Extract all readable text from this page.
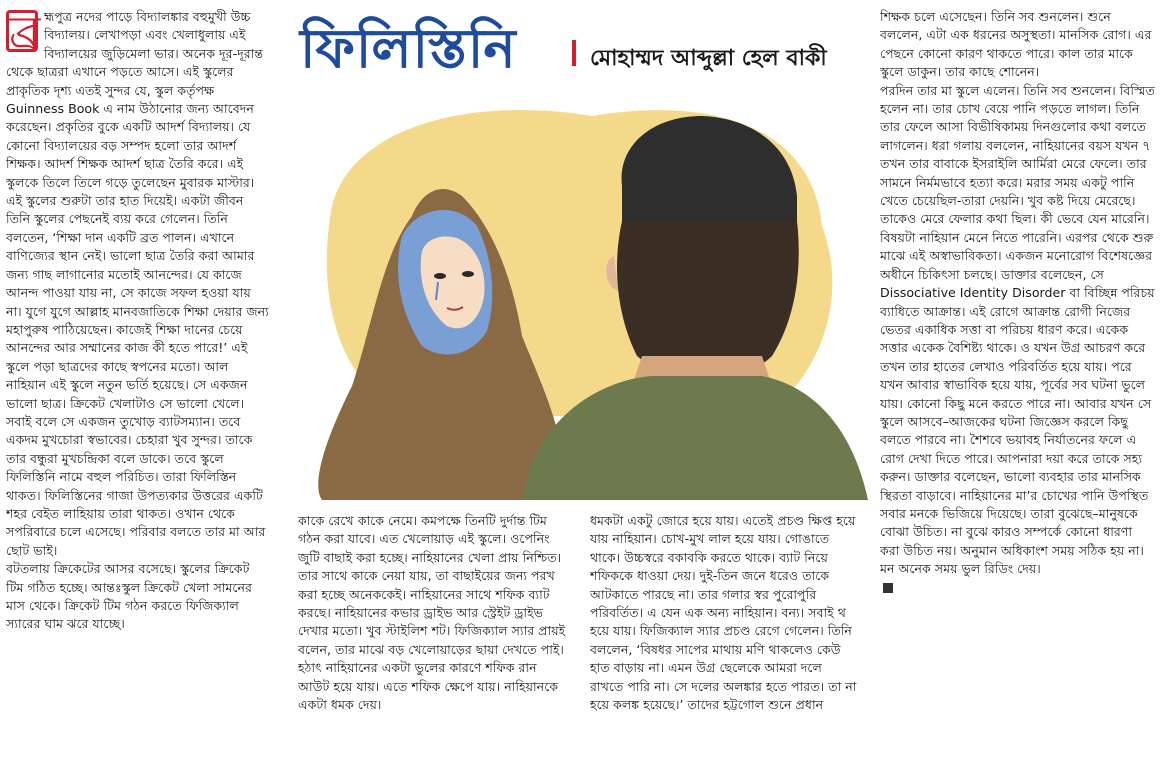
ব্র হ্মপুত্র নদের পাড়ে বিদ্যালঙ্কার বহুমুখী উচ্চ বিদ্যালয়। লেখাপড়া এবং খেলাধুলায় এই বিদ্যালয়ের জুড়িমেলা ভার। অনেক দূর-দূরান্ত থেকে ছাত্ররা এখানে পড়তে আসে। এই স্কুলের প্রাকৃতিক দৃশ্য এতই সুন্দর যে, স্কুল কর্তৃপক্ষ Guinness Book এ নাম উঠানোর জন্য আবেদন করেছেন। প্রকৃতির বুকে একটি আদর্শ বিদ্যালয়। যে কোনো বিদ্যালয়ের বড় সম্পদ হলো তার আদর্শ শিক্ষক। আদর্শ শিক্ষক আদর্শ ছাত্র তৈরি করে। এই স্কুলকে তিলে তিলে গড়ে তুলেছেন মুবারক মাস্টার। এই স্কুলের শুরুটা তার হাত দিয়েই। একটা জীবন তিনি স্কুলের পেছনেই ব্যয় করে গেলেন। তিনি বলতেন, ‘শিক্ষা দান একটি ব্রত পালন। এখানে বাণিজ্যের স্থান নেই। ভালো ছাত্র তৈরি করা আমার জন্য গাছ লাগানোর মতোই আনন্দের। যে কাজে আনন্দ পাওয়া যায় না, সে কাজে সফল হওয়া যায় না। যুগে যুগে আল্লাহ মানবজাতিকে শিক্ষা দেয়ার জন্য মহাপুরুষ পাঠিয়েছেন। কাজেই শিক্ষা দানের চেয়ে আনন্দের আর সম্মানের কাজ কী হতে পারে!’ এই স্কুলে পড়া ছাত্রদের কাছে স্বপনের মতো। আল নাহিয়ান এই স্কুলে নতুন ভর্তি হয়েছে। সে একজন ভালো ছাত্র। ক্রিকেট খেলাটাও সে ভালো খেলে। সবাই বলে সে একজন তুখোড় ব্যাটসম্যান। তবে একদম মুখচোরা স্বভাবের। চেহারা খুব সুন্দর। তাকে তার বন্ধুরা মুখচন্দ্রিকা বলে ডাকে। তবে স্কুলে ফিলিস্তিনি নামে বহুল পরিচিত। তারা ফিলিস্তিন থাকত। ফিলিস্তিনের গাজা উপত্যকার উত্তরের একটি শহর বেইত লাহিয়ায় তারা থাকত। ওখান থেকে সপরিবারে চলে এসেছে। পরিবার বলতে তার মা আর ছোট ভাই।

বটতলায় ক্রিকেটের আসর বসেছে। স্কুলের ক্রিকেট টিম গঠিত হচ্ছে। আন্তঃস্কুল ক্রিকেট খেলা সামনের মাস থেকে। ক্রিকেট টিম গঠন করতে ফিজিক্যাল স্যারের ঘাম ঝরে যাচ্ছে।

ফিলিস্তিনি	মোহাম্মদ আব্দুল্লা হেল বাকী

কাকে রেখে কাকে নেমে। কমপক্ষে তিনটি দুর্দান্ত টিম গঠন করা যাবে। এত খেলোয়াড় এই স্কুলে। ওপেনিং জুটি বাছাই করা হচ্ছে। নাহিয়ানের খেলা প্রায় নিশ্চিত। তার সাথে কাকে নেয়া যায়, তা বাছাইয়ের জন্য পরখ করা হচ্ছে অনেককেই। নাহিয়ানের সাথে শফিক ব্যাট করছে। নাহিয়ানের কভার ড্রাইভ আর স্ট্রেইট ড্রাইভ দেখার মতো। খুব স্টাইলিশ শট। ফিজিক্যাল স্যার প্রায়ই বলেন, তার মাঝে বড় খেলোয়াড়ের ছায়া দেখতে পাই। হঠাৎ নাহিয়ানের একটা ভুলের কারণে শফিক রান আউট হয়ে যায়। এতে শফিক ক্ষেপে যায়। নাহিয়ানকে একটা ধমক দেয়।

ধমকটা একটু জোরে হয়ে যায়। এতেই প্রচণ্ড ক্ষিপ্ত হয়ে যায় নাহিয়ান। চোখ-মুখ লাল হয়ে যায়। গোঙাতে থাকে। উচ্চস্বরে বকাবকি করতে থাকে। ব্যাট নিয়ে শফিককে ধাওয়া দেয়। দুই-তিন জনে ধরেও তাকে আটকাতে পারছে না। তার গলার স্বর পুরোপুরি পরিবর্তিত। এ যেন এক অন্য নাহিয়ান। বন্য। সবাই থ হয়ে যায়। ফিজিক্যাল স্যার প্রচণ্ড রেগে গেলেন। তিনি বললেন, ‘বিষধর সাপের মাথায় মণি থাকলেও কেউ হাত বাড়ায় না। এমন উগ্র ছেলেকে আমরা দলে রাখতে পারি না। সে দলের অলঙ্কার হতে পারত। তা না হয়ে কলঙ্ক হয়েছে।’ তাদের হট্টগোল শুনে প্রধান

শিক্ষক চলে এসেছেন। তিনি সব শুনলেন। শুনে বললেন, এটা এক ধরনের অসুস্থতা। মানসিক রোগ। এর পেছনে কোনো কারণ থাকতে পারে। কাল তার মাকে স্কুলে ডাকুন। তার কাছে শোনেন।

পরদিন তার মা স্কুলে এলেন। তিনি সব শুনলেন। বিস্মিত হলেন না। তার চোখ বেয়ে পানি পড়তে লাগল। তিনি তার ফেলে আসা বিভীষিকাময় দিনগুলোর কথা বলতে লাগলেন। ধরা গলায় বললেন, নাহিয়ানের বয়স যখন ৭ তখন তার বাবাকে ইসরাইলি আর্মিরা মেরে ফেলে। তার সামনে নির্মমভাবে হত্যা করে। মরার সময় একটু পানি খেতে চেয়েছিল-তারা দেয়নি। খুব কষ্ট দিয়ে মেরেছে। তাকেও মেরে ফেলার কথা ছিল। কী ভেবে যেন মারেনি। বিষয়টা নাহিয়ান মেনে নিতে পারেনি। এরপর থেকে শুরু মাঝে এই অস্বাভাবিকতা। একজন মনোরোগ বিশেষজ্ঞের অধীনে চিকিৎসা চলছে। ডাক্তার বলেছেন, সে Dissociative Identity Disorder বা বিচ্ছিন্ন পরিচয় ব্যাধিতে আক্রান্ত। এই রোগে আক্রান্ত রোগী নিজের ভেতর একাধিক সত্তা বা পরিচয় ধারণ করে। একেক সত্তার একেক বৈশিষ্ট্য থাকে। ও যখন উগ্র আচরণ করে তখন তার হাতের লেখাও পরিবর্তিত হয়ে যায়। পরে যখন আবার স্বাভাবিক হয়ে যায়, পূর্বের সব ঘটনা ভুলে যায়। কোনো কিছু মনে করতে পারে না। আবার যখন সে স্কুলে আসবে–আজকের ঘটনা জিজ্ঞেস করলে কিছু বলতে পারবে না। শৈশবে ভয়াবহ নির্যাতনের ফলে এ রোগ দেখা দিতে পারে। আপনারা দয়া করে তাকে সহ্য করুন। ডাক্তার বলেছেন, ভালো ব্যবহার তার মানসিক স্থিরতা বাড়াবে। নাহিয়ানের মা’র চোখের পানি উপস্থিত সবার মনকে ভিজিয়ে দিয়েছে। তারা বুঝেছে–মানুষকে বোঝা উচিত। না বুঝে কারও সম্পর্কে কোনো ধারণা করা উচিত নয়। অনুমান অধিকাংশ সময় সঠিক হয় না। মন অনেক সময় ভুল রিডিং দেয়।
